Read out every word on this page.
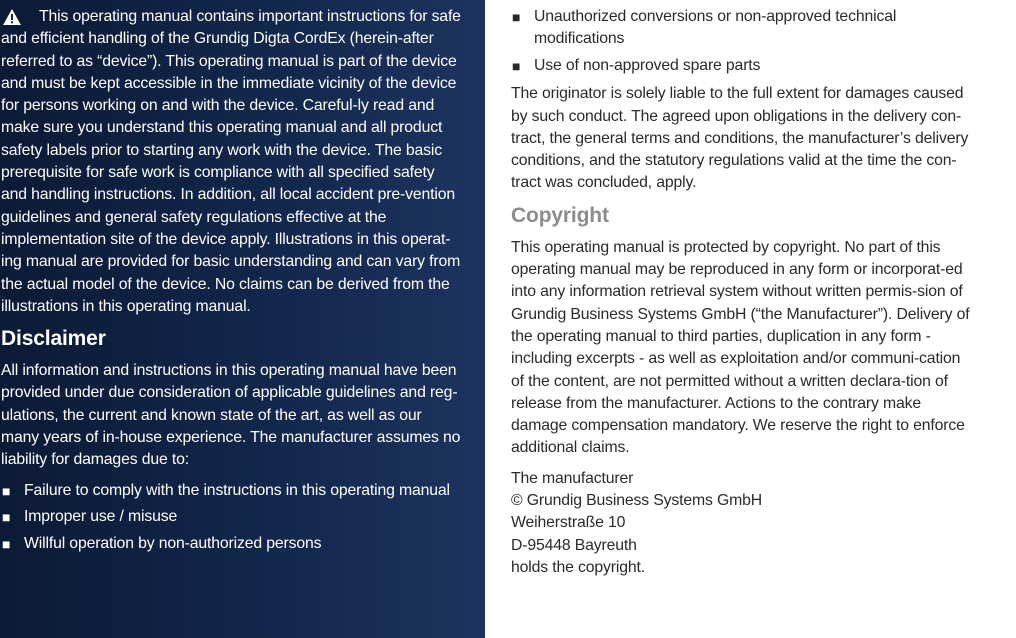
This operating manual contains important instructions for safe and efficient handling of the Grundig Digta CordEx (herein-after referred to as “device”). This operating manual is part of the device and must be kept accessible in the immediate vicinity of the device for persons working on and with the device. Careful-ly read and make sure you understand this operating manual and all product safety labels prior to starting any work with the device. The basic prerequisite for safe work is compliance with all specified safety and handling instructions. In addition, all local accident pre-vention guidelines and general safety regulations effective at the implementation site of the device apply. Illustrations in this operat-ing manual are provided for basic understanding and can vary from the actual model of the device. No claims can be derived from the illustrations in this operating manual.

Disclaimer

All information and instructions in this operating manual have been provided under due consideration of applicable guidelines and reg-ulations, the current and known state of the art, as well as our many years of in-house experience. The manufacturer assumes no liability for damages due to:

■ Failure to comply with the instructions in this operating manual
■ Improper use / misuse
■ Willful operation by non-authorized persons
■ Unauthorized conversions or non-approved technical modifications
■ Use of non-approved spare parts

The originator is solely liable to the full extent for damages caused by such conduct. The agreed upon obligations in the delivery con-tract, the general terms and conditions, the manufacturer’s delivery conditions, and the statutory regulations valid at the time the con-tract was concluded, apply.

Copyright

This operating manual is protected by copyright. No part of this operating manual may be reproduced in any form or incorporat-ed into any information retrieval system without written permis-sion of Grundig Business Systems GmbH (“the Manufacturer”). Delivery of the operating manual to third parties, duplication in any form - including excerpts - as well as exploitation and/or communi-cation of the content, are not permitted without a written declara-tion of release from the manufacturer. Actions to the contrary make damage compensation mandatory. We reserve the right to enforce additional claims.

The manufacturer
© Grundig Business Systems GmbH
Weiherstraße 10
D-95448 Bayreuth
holds the copyright.
